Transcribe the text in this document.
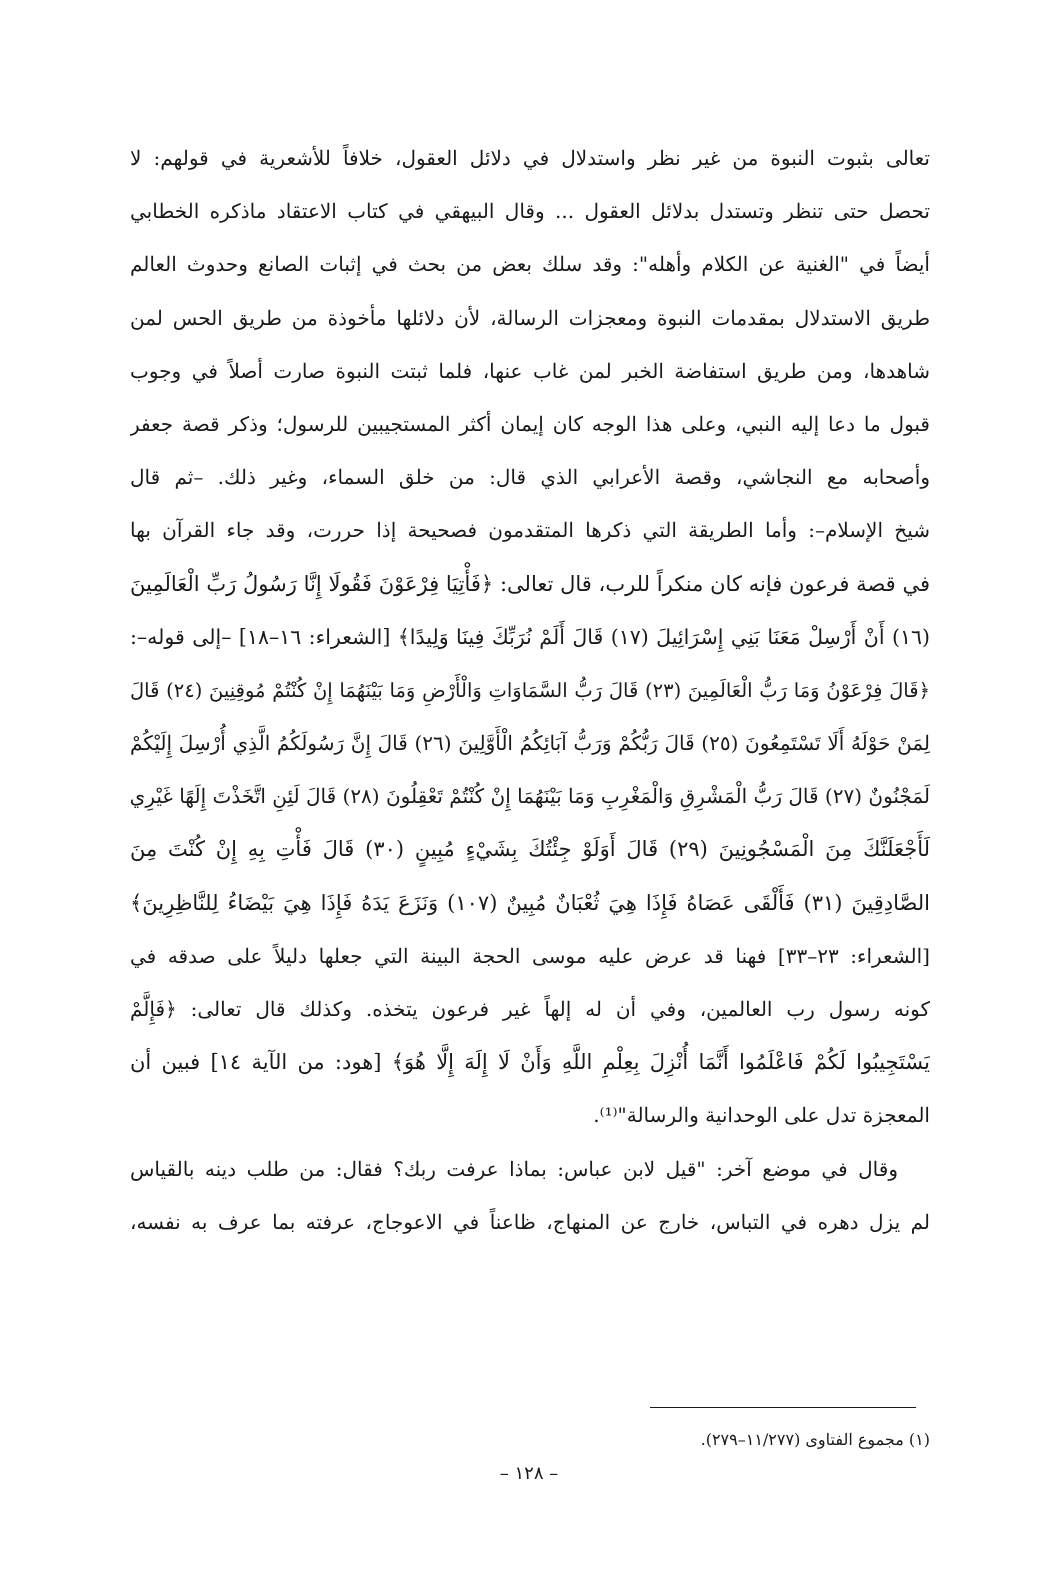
تعالى بثبوت النبوة من غير نظر واستدلال في دلائل العقول، خلافاً للأشعرية في قولهم: لا
تحصل حتى تنظر وتستدل بدلائل العقول ... وقال البيهقي في كتاب الاعتقاد ماذكره الخطابي
أيضاً في "الغنية عن الكلام وأهله": وقد سلك بعض من بحث في إثبات الصانع وحدوث العالم
طريق الاستدلال بمقدمات النبوة ومعجزات الرسالة، لأن دلائلها مأخوذة من طريق الحس لمن
شاهدها، ومن طريق استفاضة الخبر لمن غاب عنها، فلما ثبتت النبوة صارت أصلاً في وجوب
قبول ما دعا إليه النبي، وعلى هذا الوجه كان إيمان أكثر المستجيبين للرسول؛ وذكر قصة جعفر
وأصحابه مع النجاشي، وقصة الأعرابي الذي قال: من خلق السماء، وغير ذلك. –ثم قال
شيخ الإسلام–: وأما الطريقة التي ذكرها المتقدمون فصحيحة إذا حررت، وقد جاء القرآن بها
في قصة فرعون فإنه كان منكراً للرب، قال تعالى: ﴿فَأْتِيَا فِرْعَوْنَ فَقُولَا إِنَّا رَسُولُ رَبِّ الْعَالَمِينَ
(١٦) أَنْ أَرْسِلْ مَعَنَا بَنِي إِسْرَائِيلَ (١٧) قَالَ أَلَمْ نُرَبِّكَ فِينَا وَلِيدًا﴾ [الشعراء: ١٦–١٨] –إلى قوله–:
﴿قَالَ فِرْعَوْنُ وَمَا رَبُّ الْعَالَمِينَ (٢٣) قَالَ رَبُّ السَّمَاوَاتِ وَالْأَرْضِ وَمَا بَيْنَهُمَا إِنْ كُنْتُمْ مُوقِنِينَ (٢٤) قَالَ
لِمَنْ حَوْلَهُ أَلَا تَسْتَمِعُونَ (٢٥) قَالَ رَبُّكُمْ وَرَبُّ آبَائِكُمُ الْأَوَّلِينَ (٢٦) قَالَ إِنَّ رَسُولَكُمُ الَّذِي أُرْسِلَ إِلَيْكُمْ
لَمَجْنُونٌ (٢٧) قَالَ رَبُّ الْمَشْرِقِ وَالْمَغْرِبِ وَمَا بَيْنَهُمَا إِنْ كُنْتُمْ تَعْقِلُونَ (٢٨) قَالَ لَئِنِ اتَّخَذْتَ إِلَهًا غَيْرِي
لَأَجْعَلَنَّكَ مِنَ الْمَسْجُونِينَ (٢٩) قَالَ أَوَلَوْ جِئْتُكَ بِشَيْءٍ مُبِينٍ (٣٠) قَالَ فَأْتِ بِهِ إِنْ كُنْتَ مِنَ
الصَّادِقِينَ (٣١) فَأَلْقَى عَصَاهُ فَإِذَا هِيَ ثُعْبَانٌ مُبِينٌ (١٠٧) وَنَزَعَ يَدَهُ فَإِذَا هِيَ بَيْضَاءُ لِلنَّاظِرِينَ﴾
[الشعراء: ٢٣–٣٣] فهنا قد عرض عليه موسى الحجة البينة التي جعلها دليلاً على صدقه في
كونه رسول رب العالمين، وفي أن له إلهاً غير فرعون يتخذه. وكذلك قال تعالى: ﴿فَإِلَّمْ
يَسْتَجِيبُوا لَكُمْ فَاعْلَمُوا أَنَّمَا أُنْزِلَ بِعِلْمِ اللَّهِ وَأَنْ لَا إِلَهَ إِلَّا هُوَ﴾ [هود: من الآية ١٤] فبين أن
المعجزة تدل على الوحدانية والرسالة"⁽¹⁾.
وقال في موضع آخر: "قيل لابن عباس: بماذا عرفت ربك؟ فقال: من طلب دينه بالقياس
لم يزل دهره في التباس، خارج عن المنهاج، ظاعناً في الاعوجاج، عرفته بما عرف به نفسه،
(١) مجموع الفتاوى (١١/٢٧٧–٢٧٩).
– ١٢٨ –
